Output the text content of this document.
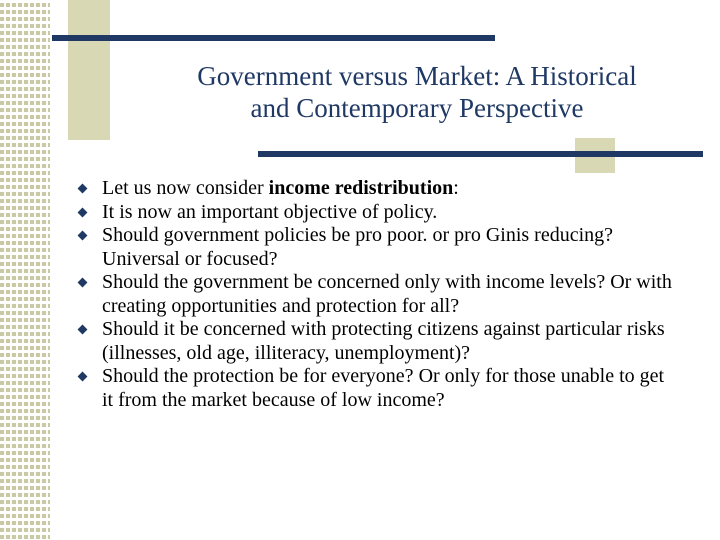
Government versus Market: A Historical
and Contemporary Perspective
Let us now consider income redistribution:
It is now an important objective of policy.
Should government policies be pro poor. or pro Ginis reducing? Universal or focused?
Should the government be concerned only with income levels? Or with creating opportunities and protection for all?
Should it be concerned with protecting citizens against particular risks (illnesses, old age, illiteracy, unemployment)?
Should the protection be for everyone? Or only for those unable to get it from the market because of low income?
